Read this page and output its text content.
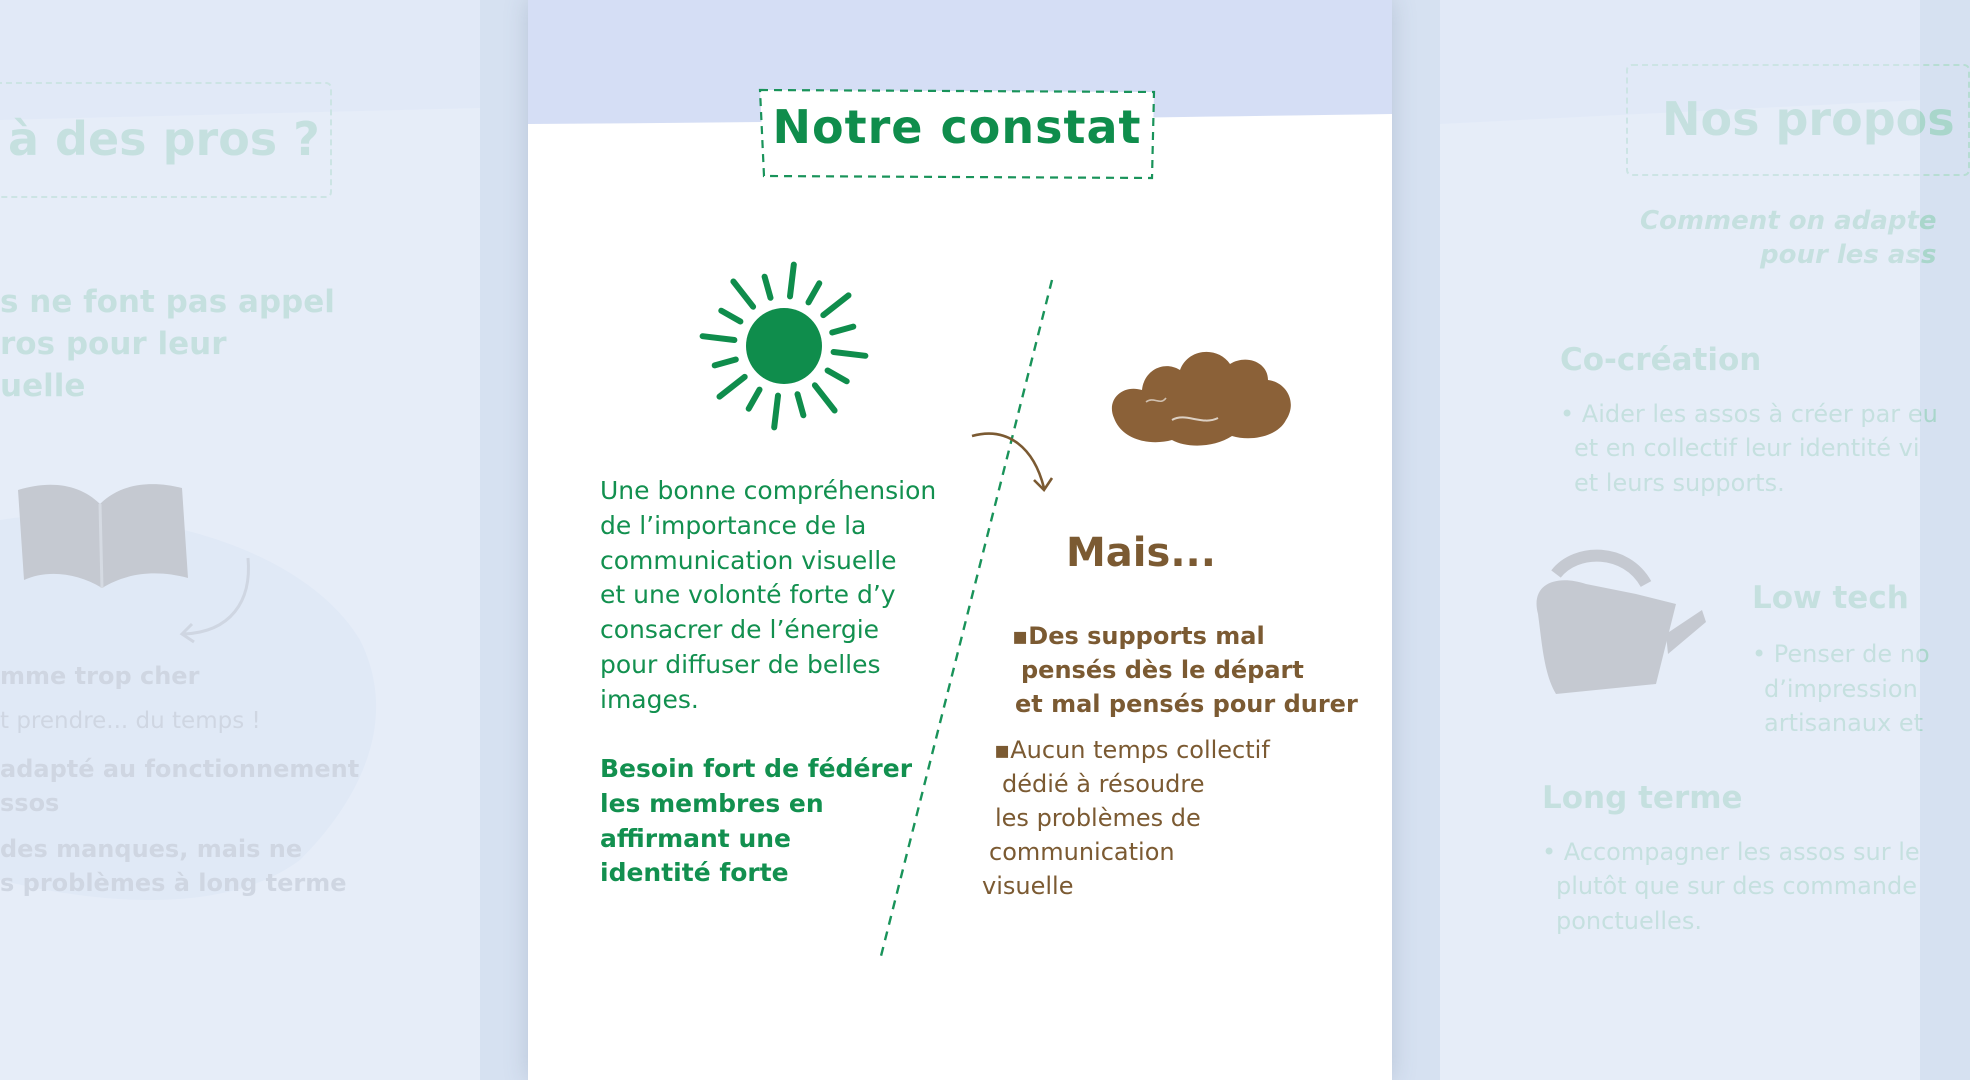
à des pros ?
s ne font pas appel
ros pour leur
uelle
mme trop cher
t prendre... du temps !
adapté au fonctionnement
ssos
des manques, mais ne
s problèmes à long terme
Notre constat
Une bonne compréhension
de l’importance de la
communication visuelle
et une volonté forte d’y
consacrer de l’énergie
pour diffuser de belles
images.
Besoin fort de fédérer
les membres en
affirmant une
identité forte
Mais...
▪Des supports mal
pensés dès le départ
et mal pensés pour durer
▪Aucun temps collectif
dédié à résoudre
les problèmes de
communication
visuelle
Nos propos
Comment on adapte
pour les ass
Co-création
• Aider les assos à créer par eu
et en collectif leur identité vi
et leurs supports.
Low tech
• Penser de no
d’impression
artisanaux et
Long terme
• Accompagner les assos sur le
plutôt que sur des commande
ponctuelles.
